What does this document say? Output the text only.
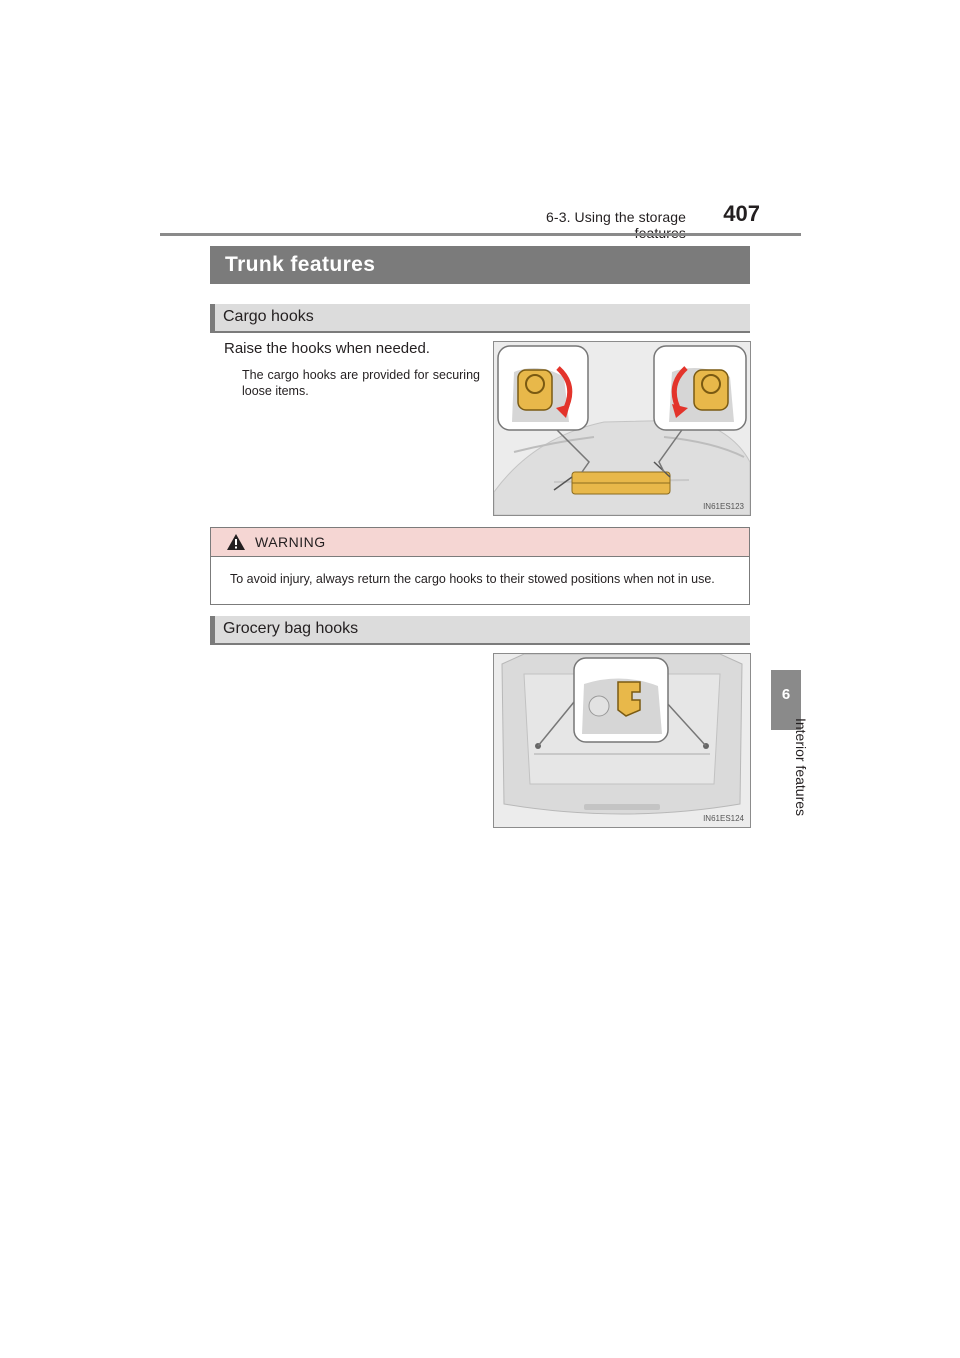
6-3. Using the storage	407
6
Interior features
Trunk features
Cargo hooks
Raise the hooks when needed.
The cargo hooks are provided for securing loose items.
IN61ES123
WARNING
To avoid injury, always return the cargo hooks to their stowed positions when not in use.
Grocery bag hooks
IN61ES124
